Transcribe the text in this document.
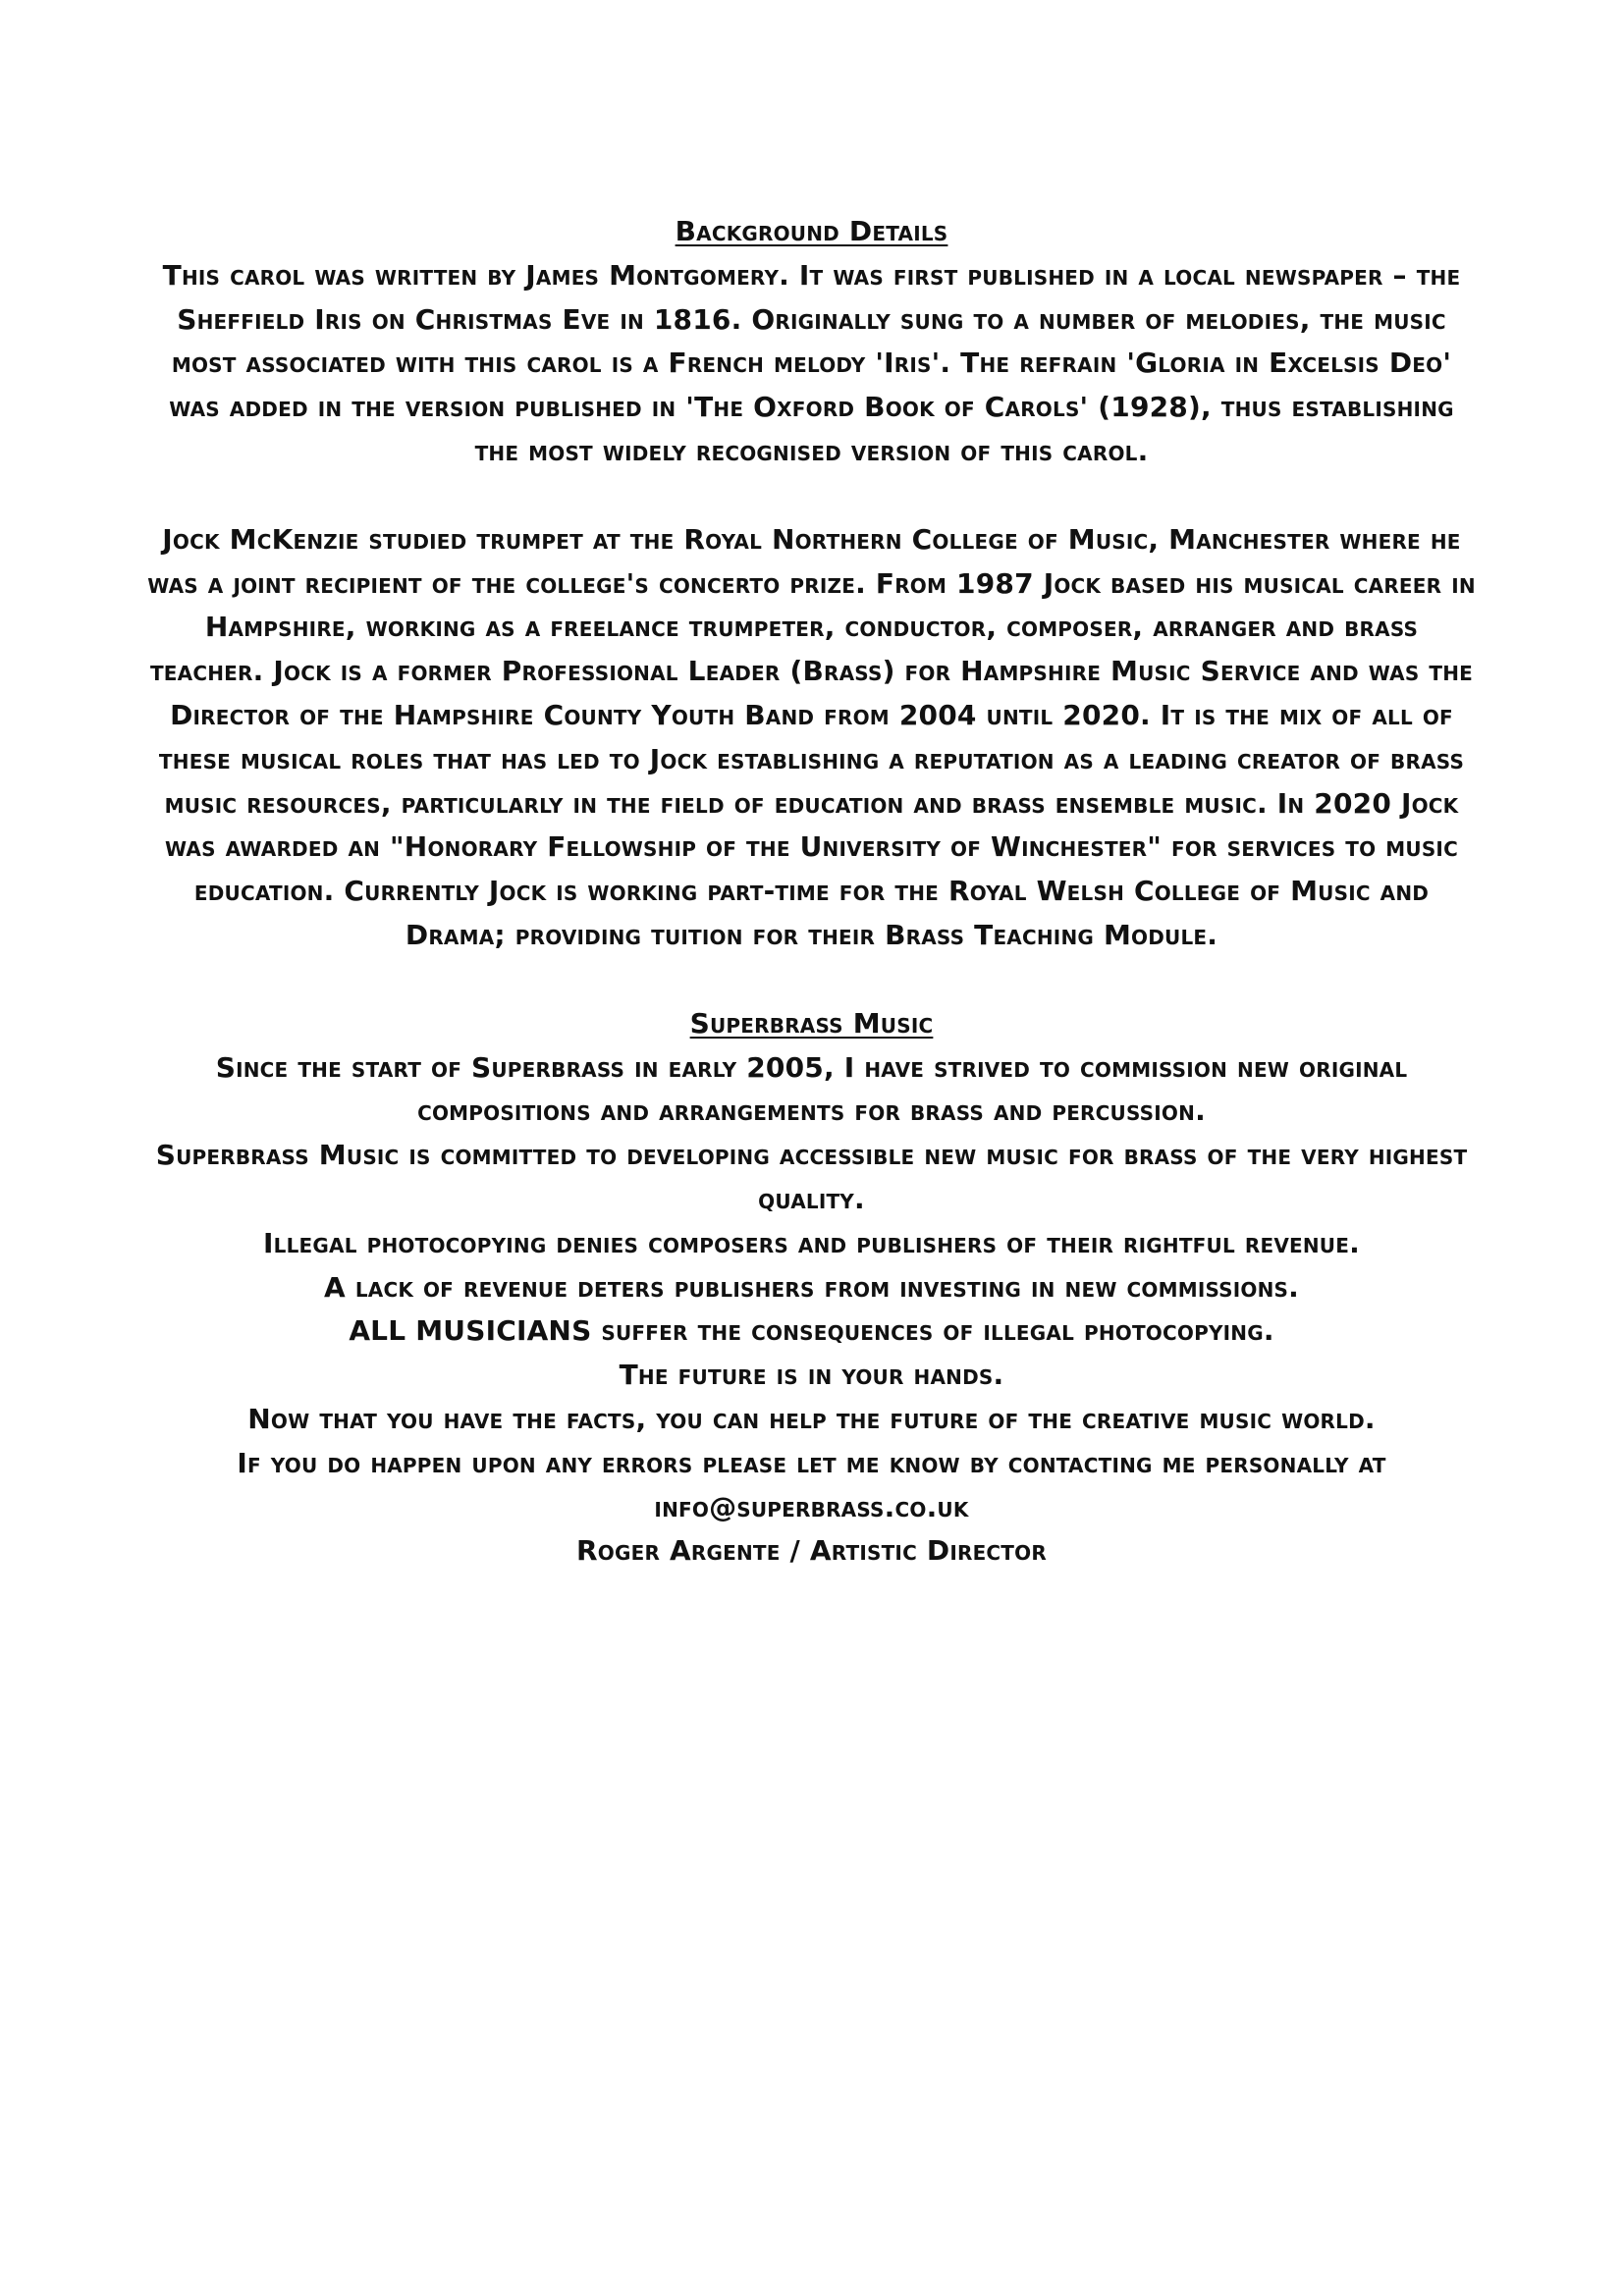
Background Details

This carol was written by James Montgomery. It was first published in a local newspaper – the Sheffield Iris on Christmas Eve in 1816. Originally sung to a number of melodies, the music most associated with this carol is a French melody 'Iris'. The refrain 'Gloria in Excelsis Deo' was added in the version published in 'The Oxford Book of Carols' (1928), thus establishing the most widely recognised version of this carol.

Jock McKenzie studied trumpet at the Royal Northern College of Music, Manchester where he was a joint recipient of the college's concerto prize. From 1987 Jock based his musical career in Hampshire, working as a freelance trumpeter, conductor, composer, arranger and brass teacher. Jock is a former Professional Leader (Brass) for Hampshire Music Service and was the Director of the Hampshire County Youth Band from 2004 until 2020. It is the mix of all of these musical roles that has led to Jock establishing a reputation as a leading creator of brass music resources, particularly in the field of education and brass ensemble music. In 2020 Jock was awarded an "Honorary Fellowship of the University of Winchester" for services to music education. Currently Jock is working part-time for the Royal Welsh College of Music and Drama; providing tuition for their Brass Teaching Module.

Superbrass Music

Since the start of Superbrass in early 2005, I have strived to commission new original compositions and arrangements for brass and percussion.

Superbrass Music is committed to developing accessible new music for brass of the very highest quality.

Illegal photocopying denies composers and publishers of their rightful revenue.

A lack of revenue deters publishers from investing in new commissions.

ALL MUSICIANS suffer the consequences of illegal photocopying.

The future is in your hands.

Now that you have the facts, you can help the future of the creative music world.

If you do happen upon any errors please let me know by contacting me personally at

info@superbrass.co.uk

Roger Argente / Artistic Director
